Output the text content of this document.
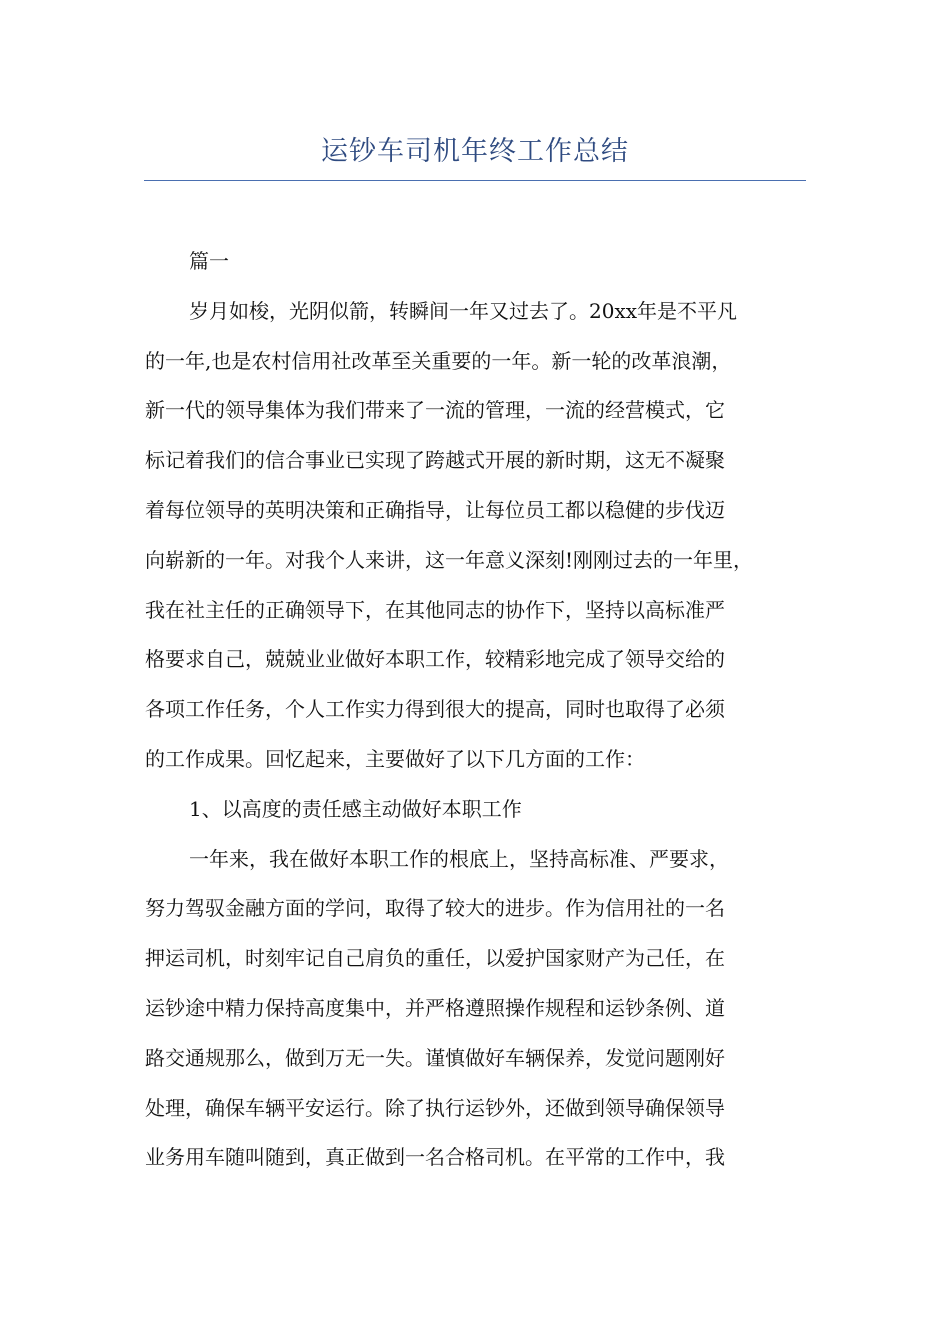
运钞车司机年终工作总结
篇一
岁月如梭，光阴似箭，转瞬间一年又过去了。20xx年是不平凡
的一年,也是农村信用社改革至关重要的一年。新一轮的改革浪潮，
新一代的领导集体为我们带来了一流的管理，一流的经营模式，它
标记着我们的信合事业已实现了跨越式开展的新时期，这无不凝聚
着每位领导的英明决策和正确指导，让每位员工都以稳健的步伐迈
向崭新的一年。对我个人来讲，这一年意义深刻!刚刚过去的一年里，
我在社主任的正确领导下，在其他同志的协作下，坚持以高标准严
格要求自己，兢兢业业做好本职工作，较精彩地完成了领导交给的
各项工作任务，个人工作实力得到很大的提高，同时也取得了必须
的工作成果。回忆起来，主要做好了以下几方面的工作：
1、以高度的责任感主动做好本职工作
一年来，我在做好本职工作的根底上，坚持高标准、严要求，
努力驾驭金融方面的学问，取得了较大的进步。作为信用社的一名
押运司机，时刻牢记自己肩负的重任，以爱护国家财产为己任，在
运钞途中精力保持高度集中，并严格遵照操作规程和运钞条例、道
路交通规那么，做到万无一失。谨慎做好车辆保养，发觉问题刚好
处理，确保车辆平安运行。除了执行运钞外，还做到领导确保领导
业务用车随叫随到，真正做到一名合格司机。在平常的工作中，我
